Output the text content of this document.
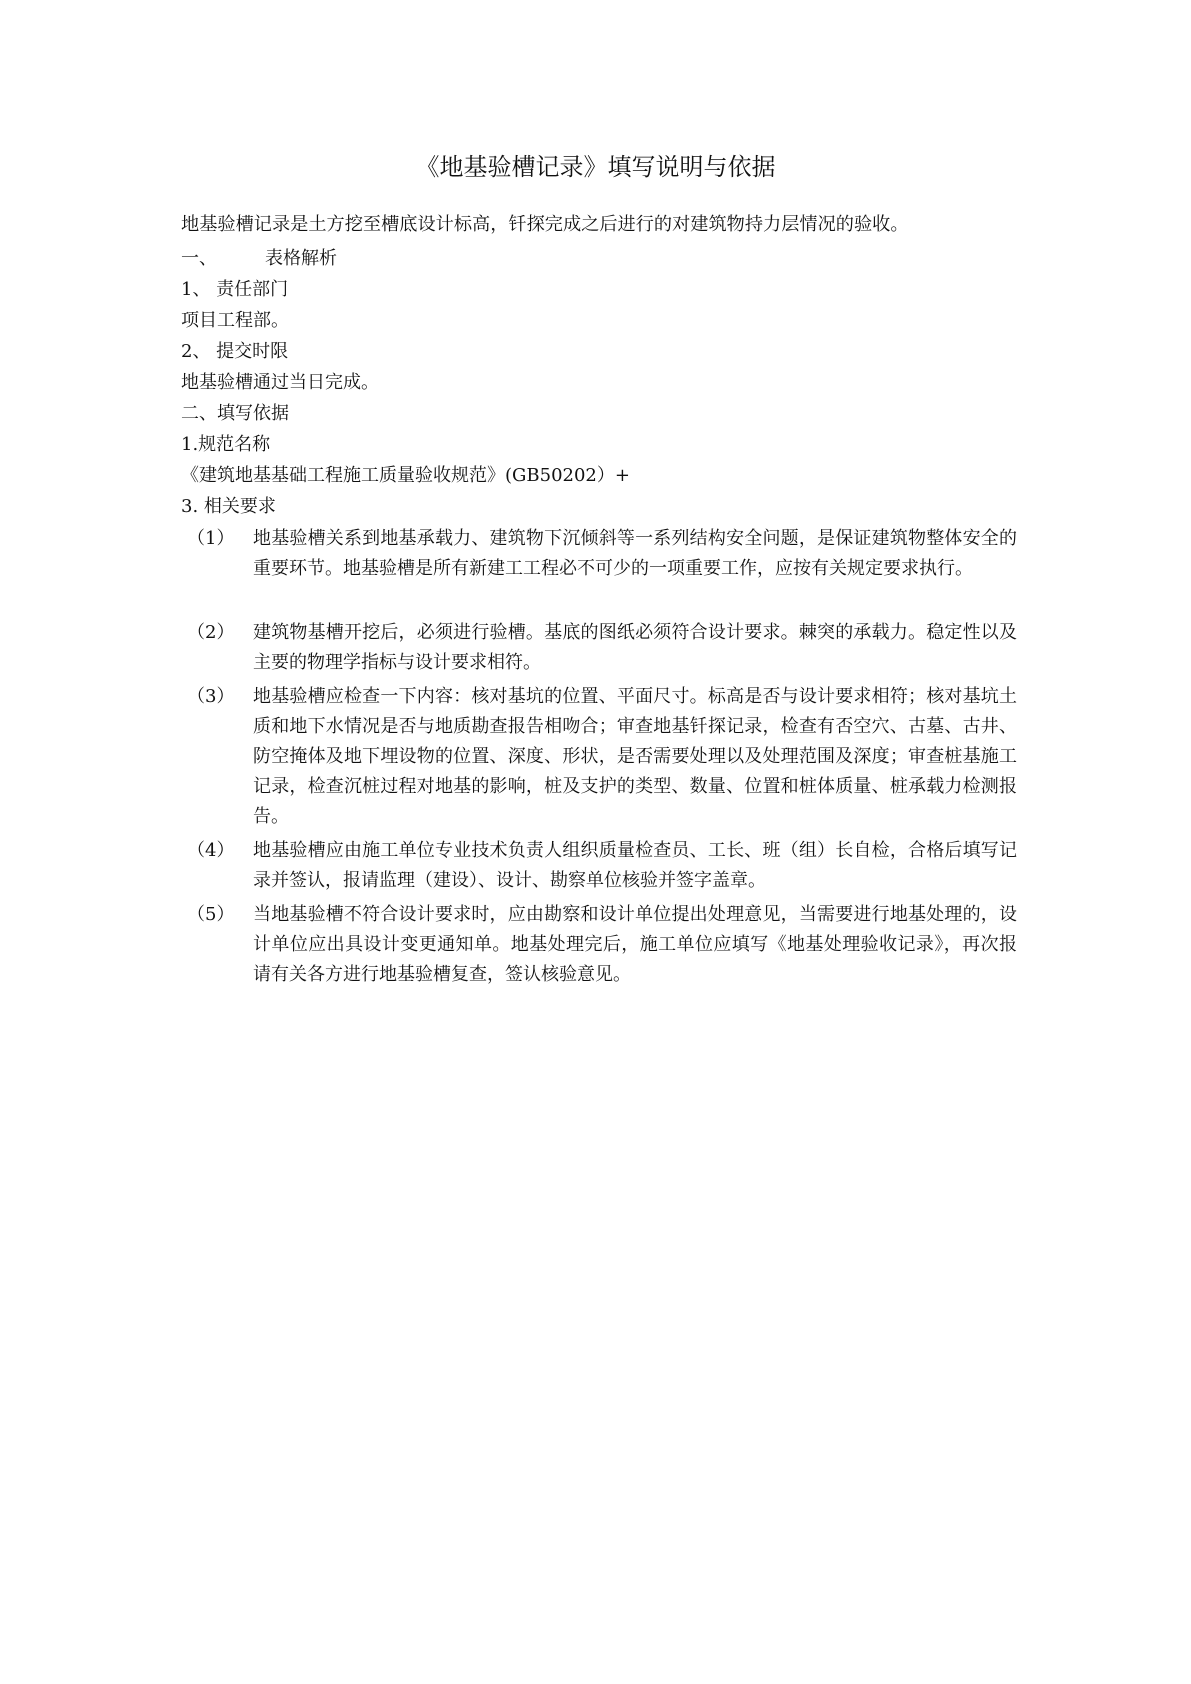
《地基验槽记录》填写说明与依据
地基验槽记录是土方挖至槽底设计标高，钎探完成之后进行的对建筑物持力层情况的验收。
一、	表格解析
1、 责任部门
项目工程部。
2、 提交时限
地基验槽通过当日完成。
二、填写依据
1.规范名称
《建筑地基基础工程施工质量验收规范》(GB50202）+
3. 相关要求
（1） 地基验槽关系到地基承载力、建筑物下沉倾斜等一系列结构安全问题，是保证建筑物整体安全的重要环节。地基验槽是所有新建工工程必不可少的一项重要工作，应按有关规定要求执行。
（2） 建筑物基槽开挖后，必须进行验槽。基底的图纸必须符合设计要求。棘突的承载力。稳定性以及主要的物理学指标与设计要求相符。
（3） 地基验槽应检查一下内容：核对基坑的位置、平面尺寸。标高是否与设计要求相符；核对基坑土质和地下水情况是否与地质勘查报告相吻合；审查地基钎探记录，检查有否空穴、古墓、古井、防空掩体及地下埋设物的位置、深度、形状，是否需要处理以及处理范围及深度；审查桩基施工记录，检查沉桩过程对地基的影响，桩及支护的类型、数量、位置和桩体质量、桩承载力检测报告。
（4） 地基验槽应由施工单位专业技术负责人组织质量检查员、工长、班（组）长自检，合格后填写记录并签认，报请监理（建设）、设计、勘察单位核验并签字盖章。
（5） 当地基验槽不符合设计要求时，应由勘察和设计单位提出处理意见，当需要进行地基处理的，设计单位应出具设计变更通知单。地基处理完后，施工单位应填写《地基处理验收记录》，再次报请有关各方进行地基验槽复查，签认核验意见。
